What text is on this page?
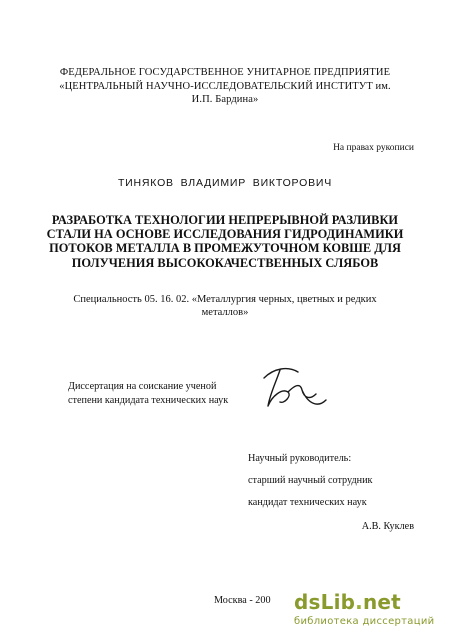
ФЕДЕРАЛЬНОЕ ГОСУДАРСТВЕННОЕ УНИТАРНОЕ ПРЕДПРИЯТИЕ
«ЦЕНТРАЛЬНЫЙ НАУЧНО-ИССЛЕДОВАТЕЛЬСКИЙ ИНСТИТУТ им.
И.П. Бардина»
На правах рукописи
ТИНЯКОВ ВЛАДИМИР ВИКТОРОВИЧ
РАЗРАБОТКА ТЕХНОЛОГИИ НЕПРЕРЫВНОЙ РАЗЛИВКИ
СТАЛИ НА ОСНОВЕ ИССЛЕДОВАНИЯ ГИДРОДИНАМИКИ
ПОТОКОВ МЕТАЛЛА В ПРОМЕЖУТОЧНОМ КОВШЕ ДЛЯ
ПОЛУЧЕНИЯ ВЫСОКОКАЧЕСТВЕННЫХ СЛЯБОВ
Специальность 05. 16. 02. «Металлургия черных, цветных и редких
металлов»
Диссертация на соискание ученой
степени кандидата технических наук
Научный руководитель:
старший научный сотрудник
кандидат технических наук
А.В. Куклев
Москва - 200 dsLib.net
библиотека диссертаций
